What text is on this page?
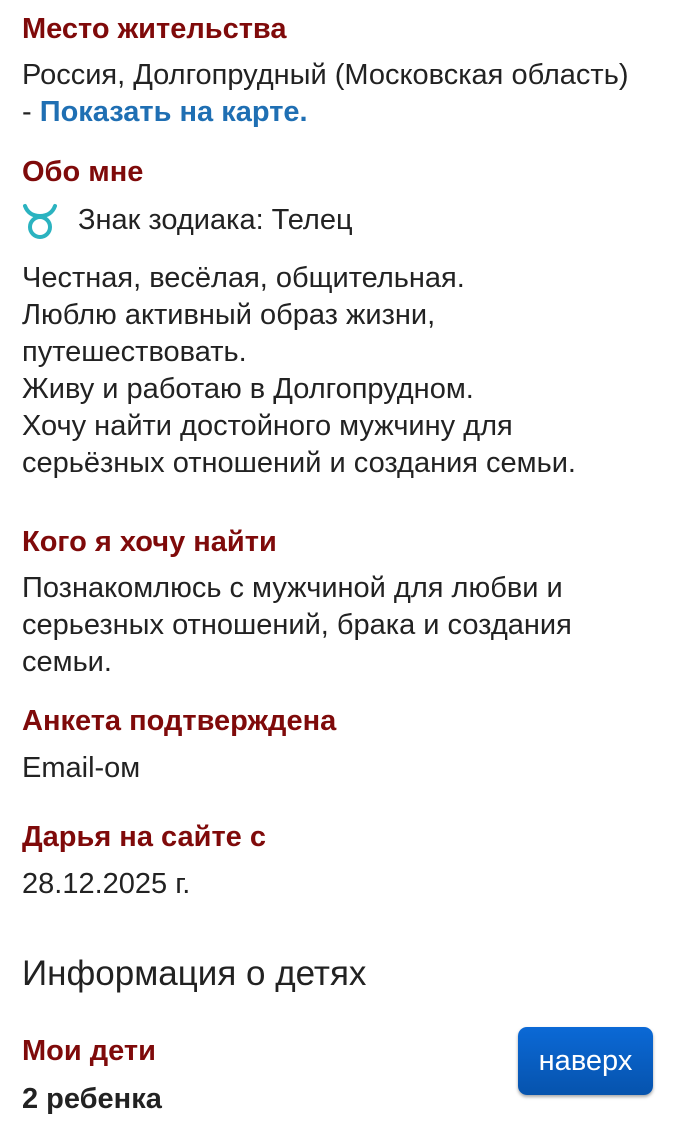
Место жительства
Россия, Долгопрудный (Московская область)
- Показать на карте.
Обо мне
Знак зодиака: Телец
Честная, весёлая, общительная.
Люблю активный образ жизни,
путешествовать.
Живу и работаю в Долгопрудном.
Хочу найти достойного мужчину для
серьёзных отношений и создания семьи.
Кого я хочу найти
Познакомлюсь с мужчиной для любви и
серьезных отношений, брака и создания
семьи.
Анкета подтверждена
Email-ом
Дарья на сайте с
28.12.2025 г.
Информация о детях
Мои дети
2 ребенка
наверх
